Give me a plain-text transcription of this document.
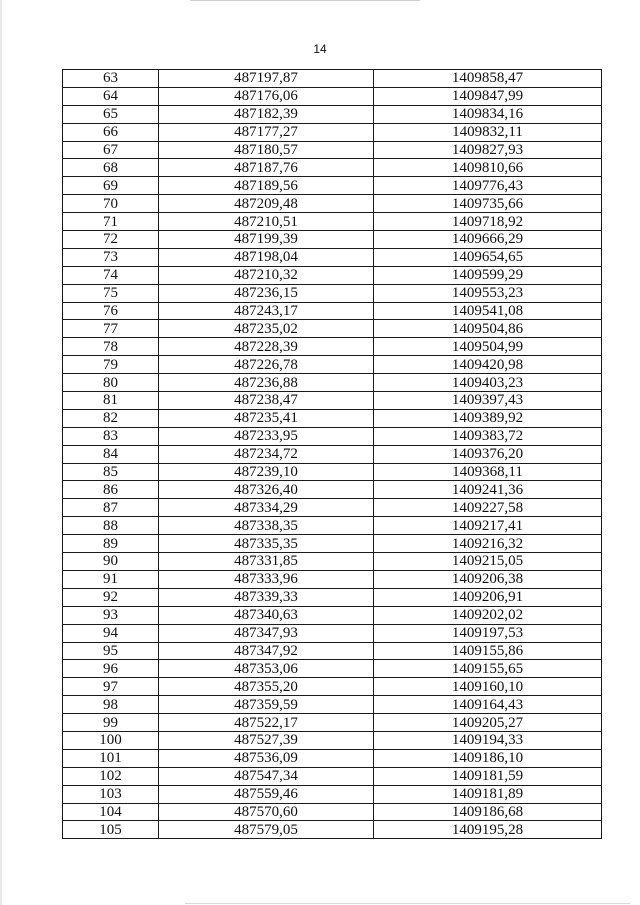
14
63	487197,87	1409858,47
64	487176,06	1409847,99
65	487182,39	1409834,16
66	487177,27	1409832,11
67	487180,57	1409827,93
68	487187,76	1409810,66
69	487189,56	1409776,43
70	487209,48	1409735,66
71	487210,51	1409718,92
72	487199,39	1409666,29
73	487198,04	1409654,65
74	487210,32	1409599,29
75	487236,15	1409553,23
76	487243,17	1409541,08
77	487235,02	1409504,86
78	487228,39	1409504,99
79	487226,78	1409420,98
80	487236,88	1409403,23
81	487238,47	1409397,43
82	487235,41	1409389,92
83	487233,95	1409383,72
84	487234,72	1409376,20
85	487239,10	1409368,11
86	487326,40	1409241,36
87	487334,29	1409227,58
88	487338,35	1409217,41
89	487335,35	1409216,32
90	487331,85	1409215,05
91	487333,96	1409206,38
92	487339,33	1409206,91
93	487340,63	1409202,02
94	487347,93	1409197,53
95	487347,92	1409155,86
96	487353,06	1409155,65
97	487355,20	1409160,10
98	487359,59	1409164,43
99	487522,17	1409205,27
100	487527,39	1409194,33
101	487536,09	1409186,10
102	487547,34	1409181,59
103	487559,46	1409181,89
104	487570,60	1409186,68
105	487579,05	1409195,28
